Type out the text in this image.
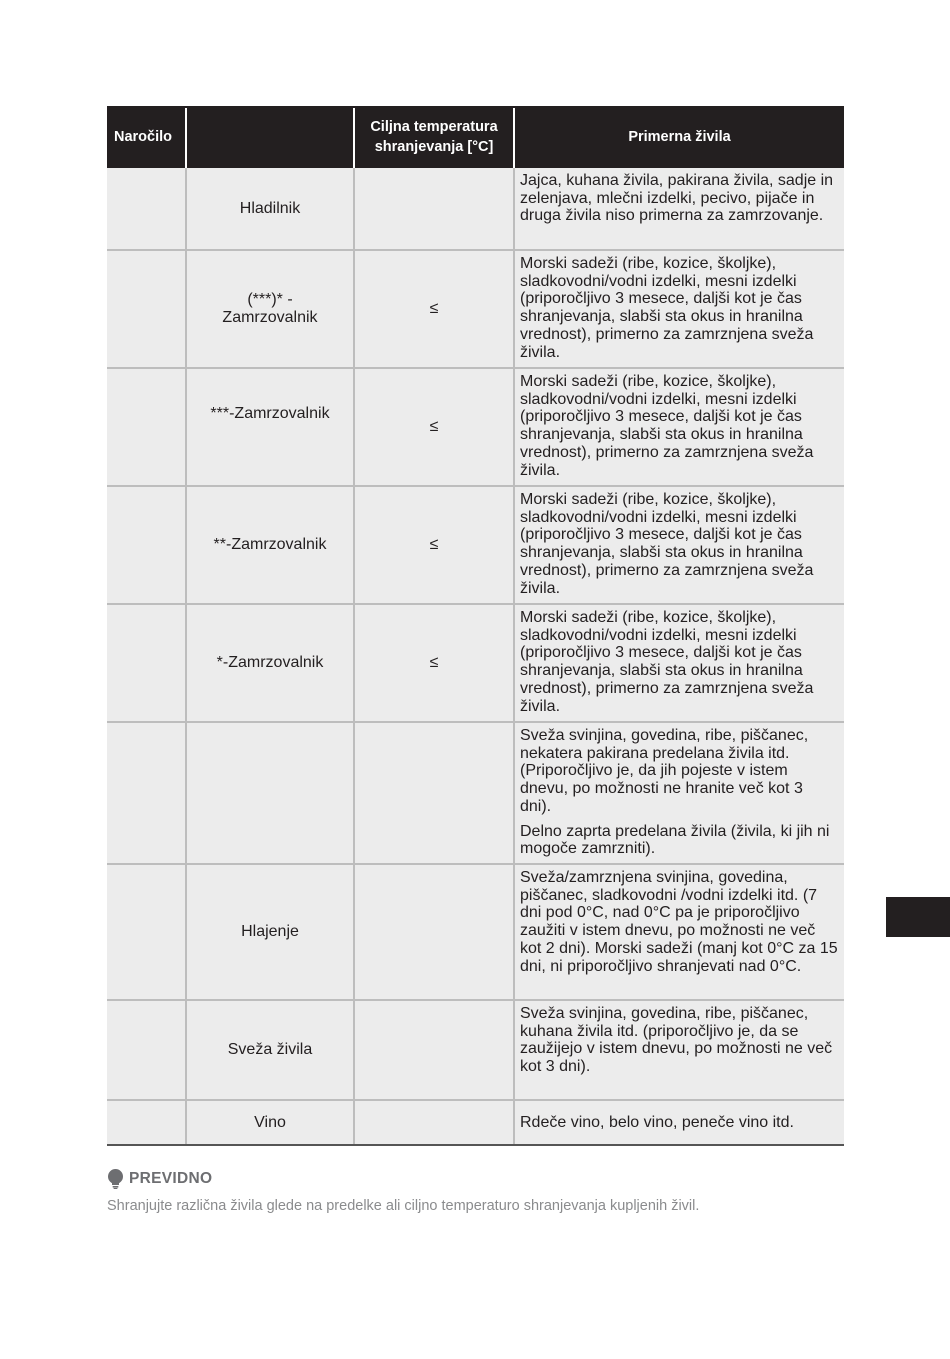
Naročilo		Ciljna temperatura shranjevanja [°C]	Primerna živila
	Hladilnik		Jajca, kuhana živila, pakirana živila, sadje in zelenjava, mlečni izdelki, pecivo, pijače in druga živila niso primerna za zamrzovanje.

	(***)* - Zamrzovalnik	≤	Morski sadeži (ribe, kozice, školjke), sladkovodni/vodni izdelki, mesni izdelki (priporočljivo 3 mesece, daljši kot je čas shranjevanja, slabši sta okus in hranilna vrednost), primerno za zamrznjena sveža živila.

	***-Zamrzovalnik	≤	Morski sadeži (ribe, kozice, školjke), sladkovodni/vodni izdelki, mesni izdelki (priporočljivo 3 mesece, daljši kot je čas shranjevanja, slabši sta okus in hranilna vrednost), primerno za zamrznjena sveža živila.

	**-Zamrzovalnik	≤	Morski sadeži (ribe, kozice, školjke), sladkovodni/vodni izdelki, mesni izdelki (priporočljivo 3 mesece, daljši kot je čas shranjevanja, slabši sta okus in hranilna vrednost), primerno za zamrznjena sveža živila.

	*-Zamrzovalnik	≤	Morski sadeži (ribe, kozice, školjke), sladkovodni/vodni izdelki, mesni izdelki (priporočljivo 3 mesece, daljši kot je čas shranjevanja, slabši sta okus in hranilna vrednost), primerno za zamrznjena sveža živila.

			Sveža svinjina, govedina, ribe, piščanec, nekatera pakirana predelana živila itd. (Priporočljivo je, da jih pojeste v istem dnevu, po možnosti ne hranite več kot 3 dni).

Delno zaprta predelana živila (živila, ki jih ni mogoče zamrzniti).

	Hlajenje		Sveža/zamrznjena svinjina, govedina, piščanec, sladkovodni /vodni izdelki itd. (7 dni pod 0°C, nad 0°C pa je priporočljivo zaužiti v istem dnevu, po možnosti ne več kot 2 dni). Morski sadeži (manj kot 0°C za 15 dni, ni priporočljivo shranjevati nad 0°C.

	Sveža živila		Sveža svinjina, govedina, ribe, piščanec, kuhana živila itd. (priporočljivo je, da se zaužijejo v istem dnevu, po možnosti ne več kot 3 dni).

	Vino		Rdeče vino, belo vino, peneče vino itd.

PREVIDNO

Shranjujte različna živila glede na predelke ali ciljno temperaturo shranjevanja kupljenih živil.
